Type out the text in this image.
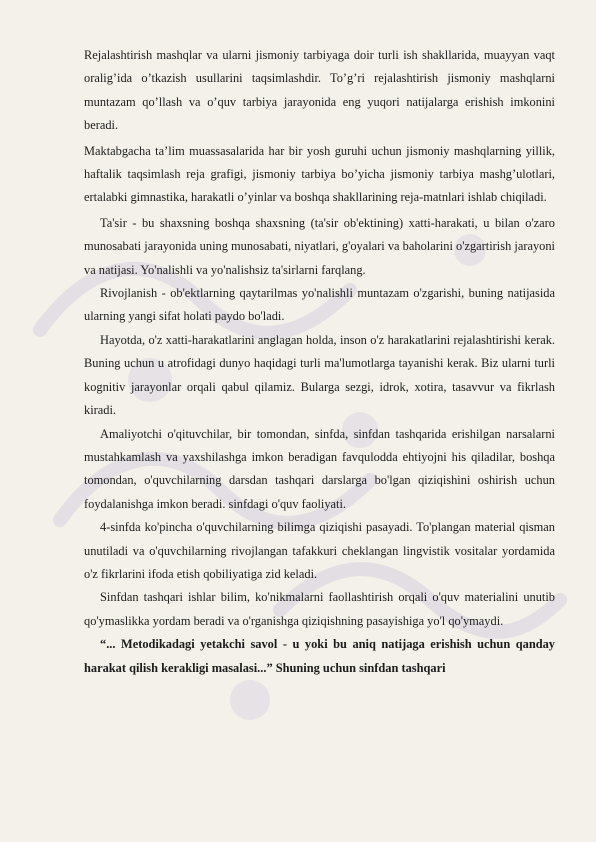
Rejalashtirish mashqlar va ularni jismoniy tarbiyaga doir turli ish shakllarida, muayyan vaqt oralig’ida o’tkazish usullarini taqsimlashdir. To’g’ri rejalashtirish jismoniy mashqlarni muntazam qo’llash va o’quv tarbiya jarayonida eng yuqori natijalarga erishish imkonini beradi.

Maktabgacha ta’lim muassasalarida har bir yosh guruhi uchun jismoniy mashqlarning yillik, haftalik taqsimlash reja grafigi, jismoniy tarbiya bo’yicha jismoniy tarbiya mashg’ulotlari, ertalabki gimnastika, harakatli o’yinlar va boshqa shakllarining reja-matnlari ishlab chiqiladi.

Ta'sir - bu shaxsning boshqa shaxsning (ta'sir ob'ektining) xatti-harakati, u bilan o'zaro munosabati jarayonida uning munosabati, niyatlari, g'oyalari va baholarini o'zgartirish jarayoni va natijasi. Yo'nalishli va yo'nalishsiz ta'sirlarni farqlang.

Rivojlanish - ob'ektlarning qaytarilmas yo'nalishli muntazam o'zgarishi, buning natijasida ularning yangi sifat holati paydo bo'ladi.

Hayotda, o'z xatti-harakatlarini anglagan holda, inson o'z harakatlarini rejalashtirishi kerak. Buning uchun u atrofidagi dunyo haqidagi turli ma'lumotlarga tayanishi kerak. Biz ularni turli kognitiv jarayonlar orqali qabul qilamiz. Bularga sezgi, idrok, xotira, tasavvur va fikrlash kiradi.

Amaliyotchi o'qituvchilar, bir tomondan, sinfda, sinfdan tashqarida erishilgan narsalarni mustahkamlash va yaxshilashga imkon beradigan favqulodda ehtiyojni his qiladilar, boshqa tomondan, o'quvchilarning darsdan tashqari darslarga bo'lgan qiziqishini oshirish uchun foydalanishga imkon beradi. sinfdagi o'quv faoliyati.

4-sinfda ko'pincha o'quvchilarning bilimga qiziqishi pasayadi. To'plangan material qisman unutiladi va o'quvchilarning rivojlangan tafakkuri cheklangan lingvistik vositalar yordamida o'z fikrlarini ifoda etish qobiliyatiga zid keladi.

Sinfdan tashqari ishlar bilim, ko'nikmalarni faollashtirish orqali o'quv materialini unutib qo'ymaslikka yordam beradi va o'rganishga qiziqishning pasayishiga yo'l qo'ymaydi.

“... Metodikadagi yetakchi savol - u yoki bu aniq natijaga erishish uchun qanday harakat qilish kerakligi masalasi...” Shuning uchun sinfdan tashqari
